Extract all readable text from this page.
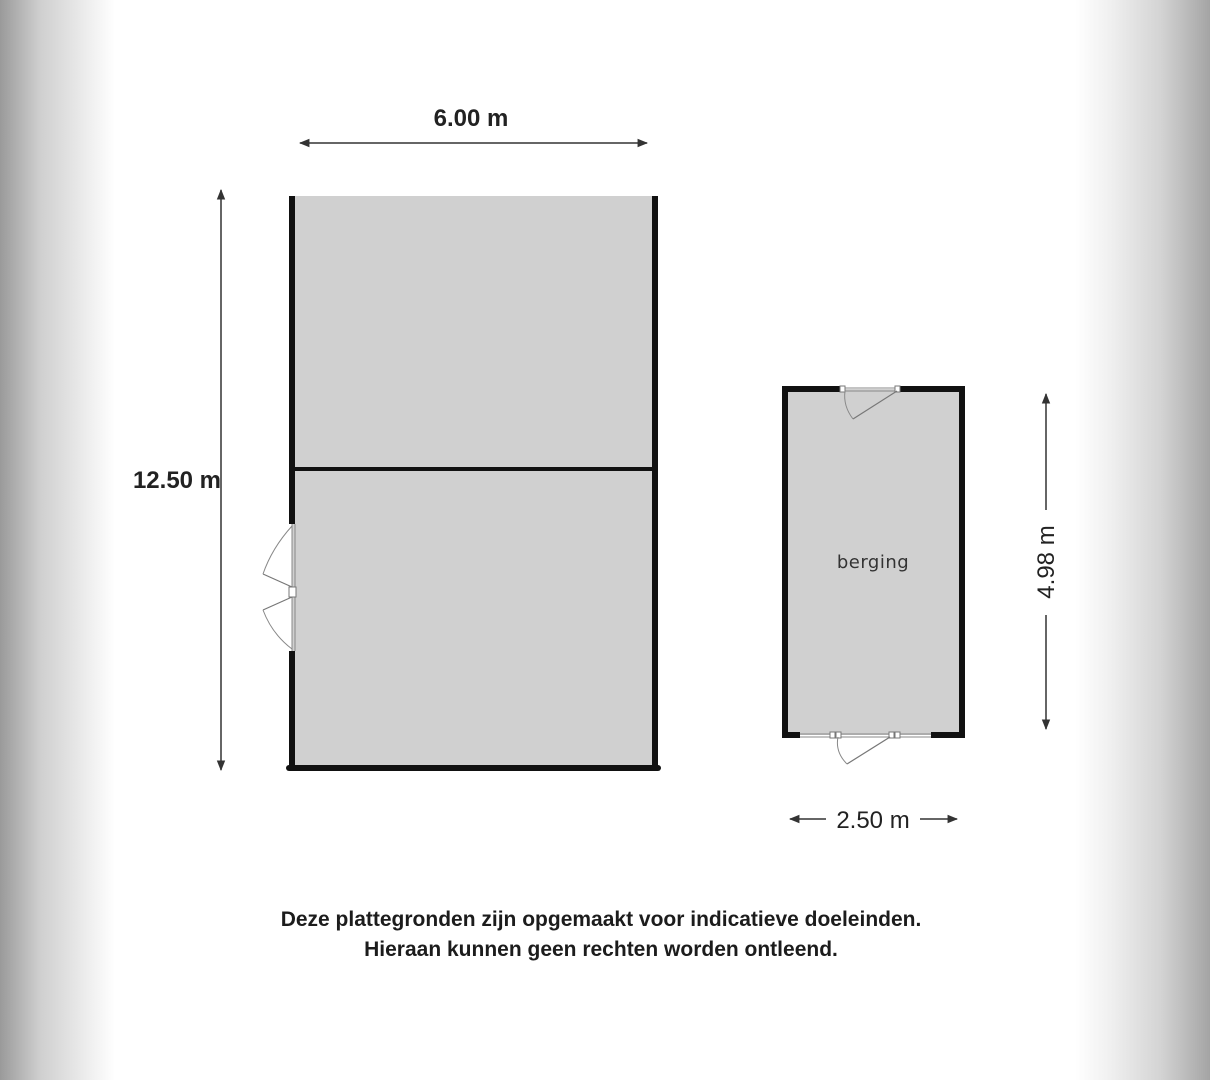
6.00 m
12.50 m
berging
2.50 m
4.98 m
Deze plattegronden zijn opgemaakt voor indicatieve doeleinden.
Hieraan kunnen geen rechten worden ontleend.
